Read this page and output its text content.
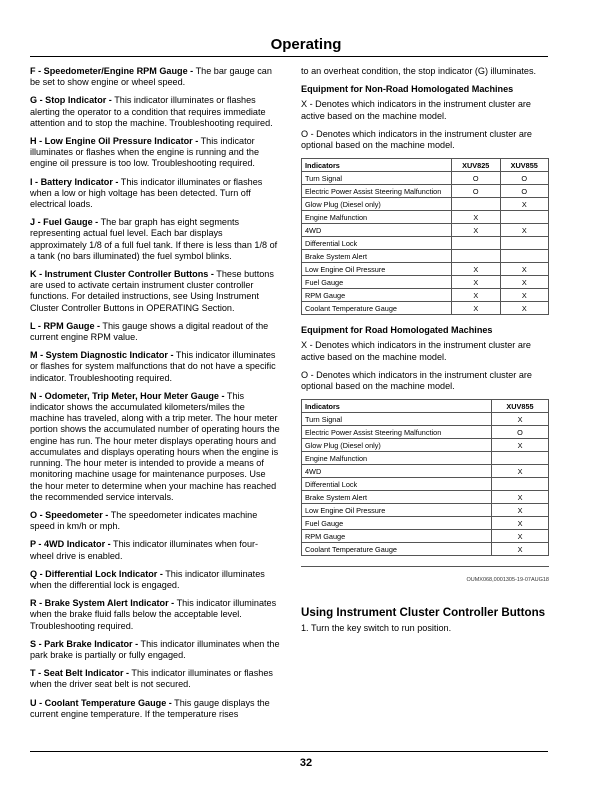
Operating
F - Speedometer/Engine RPM Gauge - The bar gauge can be set to show engine or wheel speed.
G - Stop Indicator - This indicator illuminates or flashes alerting the operator to a condition that requires immediate attention and to stop the machine. Troubleshooting required.
H - Low Engine Oil Pressure Indicator - This indicator illuminates or flashes when the engine is running and the engine oil pressure is too low. Troubleshooting required.
I - Battery Indicator - This indicator illuminates or flashes when a low or high voltage has been detected. Turn off electrical loads.
J - Fuel Gauge - The bar graph has eight segments representing actual fuel level. Each bar displays approximately 1/8 of a full fuel tank. If there is less than 1/8 of a tank (no bars illuminated) the fuel symbol blinks.
K - Instrument Cluster Controller Buttons - These buttons are used to activate certain instrument cluster controller functions. For detailed instructions, see Using Instrument Cluster Controller Buttons in OPERATING Section.
L - RPM Gauge - This gauge shows a digital readout of the current engine RPM value.
M - System Diagnostic Indicator - This indicator illuminates or flashes for system malfunctions that do not have a specific indicator. Troubleshooting required.
N - Odometer, Trip Meter, Hour Meter Gauge - This indicator shows the accumulated kilometers/miles the machine has traveled, along with a trip meter. The hour meter portion shows the accumulated number of operating hours the engine has run. The hour meter displays operating hours and accumulates and displays operating hours when the engine is running. The hour meter is intended to provide a means of monitoring machine usage for maintenance purposes. Use the hour meter to determine when your machine has reached the recommended service intervals.
O - Speedometer - The speedometer indicates machine speed in km/h or mph.
P - 4WD Indicator - This indicator illuminates when four-wheel drive is enabled.
Q - Differential Lock Indicator - This indicator illuminates when the differential lock is engaged.
R - Brake System Alert Indicator - This indicator illuminates when the brake fluid falls below the acceptable level. Troubleshooting required.
S - Park Brake Indicator - This indicator illuminates when the park brake is partially or fully engaged.
T - Seat Belt Indicator - This indicator illuminates or flashes when the driver seat belt is not secured.
U - Coolant Temperature Gauge - This gauge displays the current engine temperature. If the temperature rises
to an overheat condition, the stop indicator (G) illuminates.
Equipment for Non-Road Homologated Machines
X - Denotes which indicators in the instrument cluster are active based on the machine model.
O - Denotes which indicators in the instrument cluster are optional based on the machine model.
Indicators	XUV825	XUV855
Turn Signal	O	O
Electric Power Assist Steering Malfunction	O	O
Glow Plug (Diesel only)		X
Engine Malfunction	X	
4WD	X	X
Differential Lock		
Brake System Alert		
Low Engine Oil Pressure	X	X
Fuel Gauge	X	X
RPM Gauge	X	X
Coolant Temperature Gauge	X	X
Equipment for Road Homologated Machines
X - Denotes which indicators in the instrument cluster are active based on the machine model.
O - Denotes which indicators in the instrument cluster are optional based on the machine model.
Indicators	XUV855
Turn Signal	X
Electric Power Assist Steering Malfunction	O
Glow Plug (Diesel only)	X
Engine Malfunction	
4WD	X
Differential Lock	
Brake System Alert	X
Low Engine Oil Pressure	X
Fuel Gauge	X
RPM Gauge	X
Coolant Temperature Gauge	X
OUMX068,0001305-19-07AUG18
Using Instrument Cluster Controller Buttons
1. Turn the key switch to run position.
32
